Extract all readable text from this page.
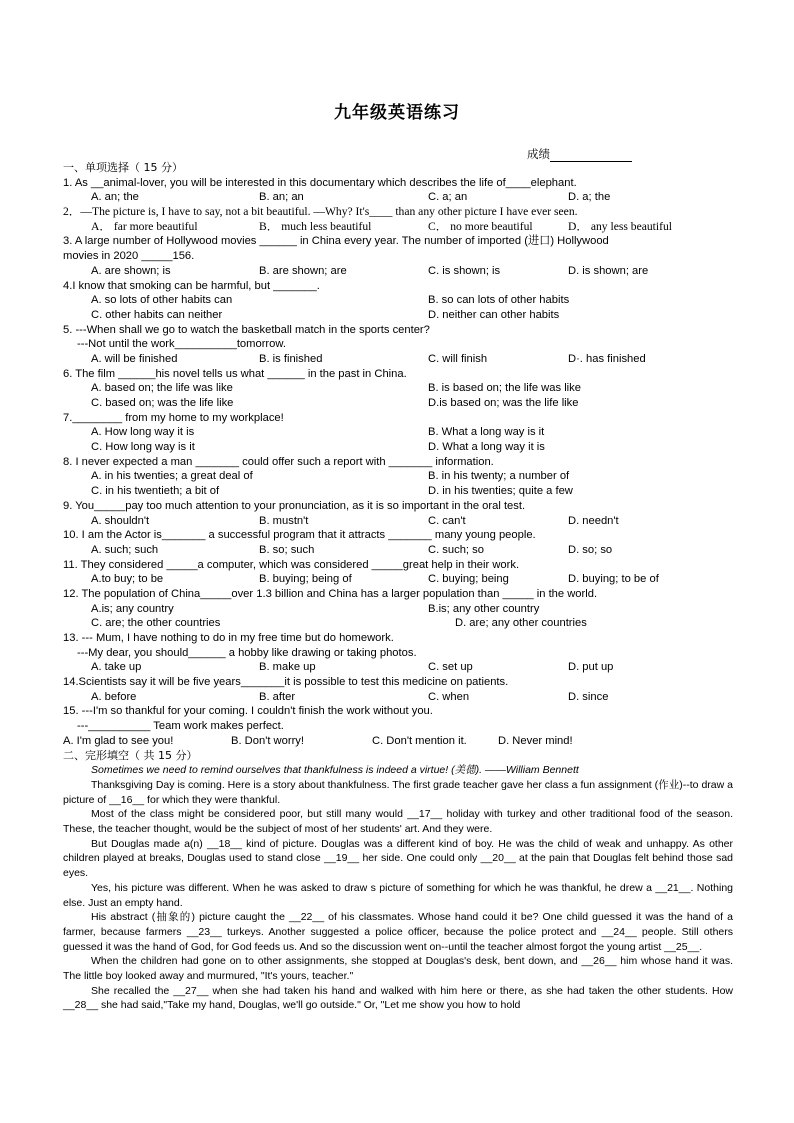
九年级英语练习
成绩
一、单项选择（ 15 分）
1. As __animal-lover, you will be interested in this documentary which describes the life of____elephant.
A. an; the	B. an; an	C. a; an	D. a; the
2．—The picture is, I have to say, not a bit beautiful. —Why? It's____ than any other picture I have ever seen.
A． far more beautiful	B． much less beautiful	C． no more beautiful	D． any less beautiful
3. A large number of Hollywood movies ______ in China every year. The number of imported (进口) Hollywood
movies in 2020 _____156.
A. are shown; is	B. are shown; are	C. is shown; is	D. is shown; are
4.I know that smoking can be harmful, but _______.
A. so lots of other habits can	B. so can lots of other habits
C. other habits can neither	D. neither can other habits
5. ---When shall we go to watch the basketball match in the sports center?
---Not until the work__________tomorrow.
A. will be finished	B. is finished	C. will finish	D·. has finished
6. The film ______his novel tells us what ______ in the past in China.
A. based on; the life was like	B. is based on; the life was like
C. based on; was the life like	D.is based on; was the life like
7.________ from my home to my workplace!
A. How long way it is	B. What a long way is it
C. How long way is it	D. What a long way it is
8. I never expected a man _______ could offer such a report with _______ information.
A. in his twenties; a great deal of	B. in his twenty; a number of
C. in his twentieth; a bit of	D. in his twenties; quite a few
9. You_____pay too much attention to your pronunciation, as it is so important in the oral test.
A. shouldn't	B. mustn't	C. can't	D. needn't
10. I am the Actor is_______ a successful program that it attracts _______ many young people.
A. such; such	B. so; such	C. such; so	D. so; so
11. They considered _____a computer, which was considered _____great help in their work.
A.to buy; to be	B. buying; being of	C. buying; being	D. buying; to be of
12. The population of China_____over 1.3 billion and China has a larger population than _____ in the world.
A.is; any country	B.is; any other country
C. are; the other countries	D. are; any other countries
13. --- Mum, I have nothing to do in my free time but do homework.
---My dear, you should______ a hobby like drawing or taking photos.
A. take up	B. make up	C. set up	D. put up
14.Scientists say it will be five years_______it is possible to test this medicine on patients.
A. before	B. after	C. when	D. since
15. ---I'm so thankful for your coming. I couldn't finish the work without you.
---__________ Team work makes perfect.
A. I'm glad to see you!	B. Don't worry!	C. Don't mention it.	D. Never mind!
二、完形填空（ 共 15 分）
Sometimes we need to remind ourselves that thankfulness is indeed a virtue! (美德). ——William Bennett

Thanksgiving Day is coming. Here is a story about thankfulness. The first grade teacher gave her class a fun assignment (作业)--to draw a picture of __16__ for which they were thankful.

Most of the class might be considered poor, but still many would __17__ holiday with turkey and other traditional food of the season. These, the teacher thought, would be the subject of most of her students' art. And they were.

But Douglas made a(n) __18__ kind of picture. Douglas was a different kind of boy. He was the child of weak and unhappy. As other children played at breaks, Douglas used to stand close __19__ her side. One could only __20__ at the pain that Douglas felt behind those sad eyes.

Yes, his picture was different. When he was asked to draw s picture of something for which he was thankful, he drew a __21__. Nothing else. Just an empty hand.

His abstract (抽象的) picture caught the __22__ of his classmates. Whose hand could it be? One child guessed it was the hand of a farmer, because farmers __23__ turkeys. Another suggested a police officer, because the police protect and __24__ people. Still others guessed it was the hand of God, for God feeds us. And so the discussion went on--until the teacher almost forgot the young artist __25__.

When the children had gone on to other assignments, she stopped at Douglas's desk, bent down, and __26__ him whose hand it was. The little boy looked away and murmured, "It's yours, teacher."

She recalled the __27__ when she had taken his hand and walked with him here or there, as she had taken the other students. How __28__ she had said,"Take my hand, Douglas, we'll go outside." Or, "Let me show you how to hold
